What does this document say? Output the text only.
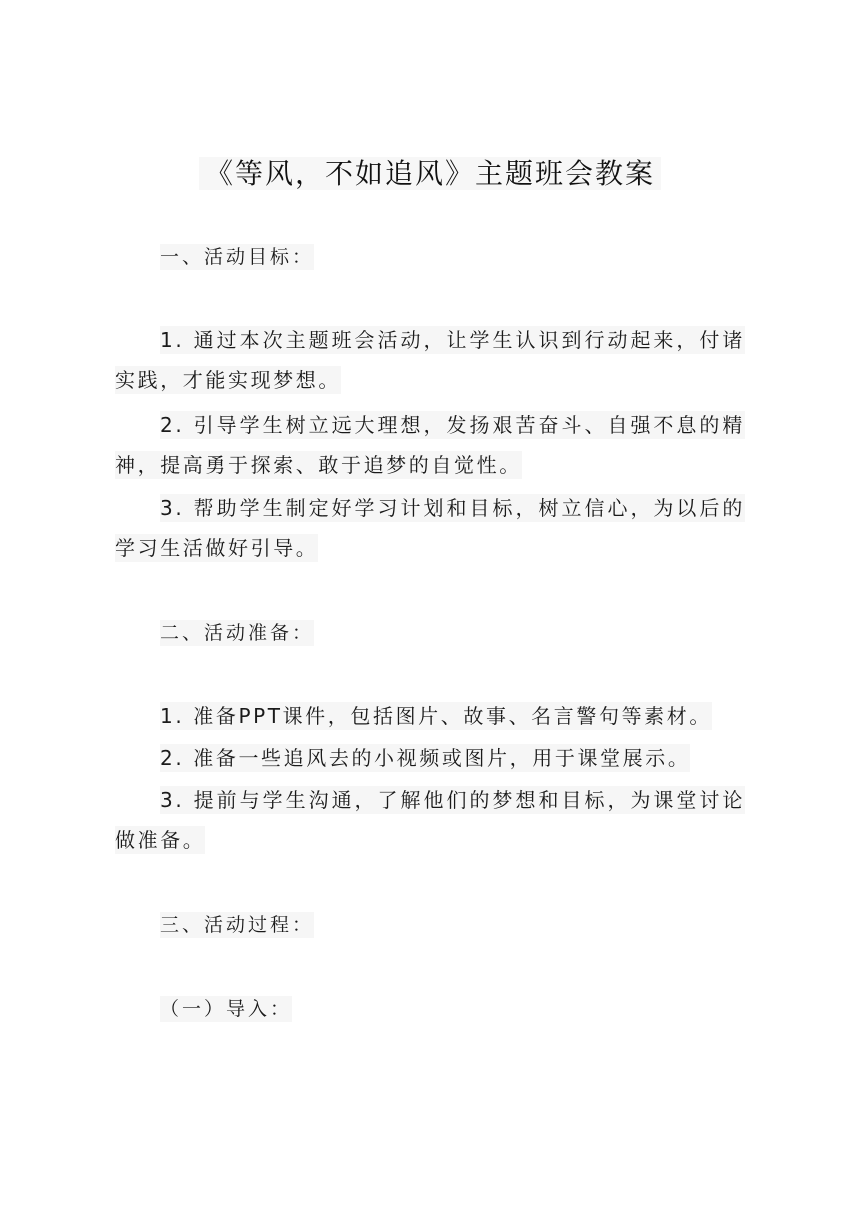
《等风，不如追风》主题班会教案
一、活动目标：
1. 通过本次主题班会活动，让学生认识到行动起来，付诸实践，才能实现梦想。
2. 引导学生树立远大理想，发扬艰苦奋斗、自强不息的精神，提高勇于探索、敢于追梦的自觉性。
3. 帮助学生制定好学习计划和目标，树立信心，为以后的学习生活做好引导。
二、活动准备：
1. 准备PPT课件，包括图片、故事、名言警句等素材。
2. 准备一些追风去的小视频或图片，用于课堂展示。
3. 提前与学生沟通，了解他们的梦想和目标，为课堂讨论做准备。
三、活动过程：
（一）导入：
